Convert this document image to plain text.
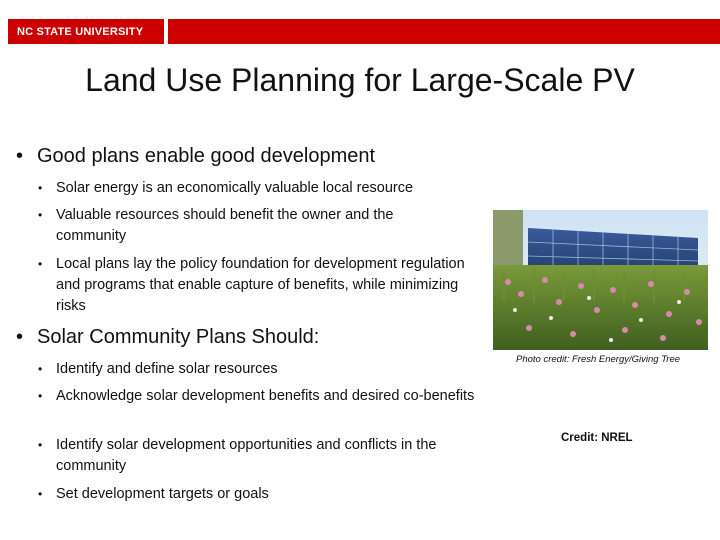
NC STATE UNIVERSITY
Land Use Planning for Large-Scale PV
• Good plans enable good development
• Solar energy is an economically valuable local resource
• Valuable resources should benefit the owner and the community
• Local plans lay the policy foundation for development regulation and programs that enable capture of benefits, while minimizing risks
• Solar Community Plans Should:
• Identify and define solar resources
• Acknowledge solar development benefits and desired co-benefits
• Identify solar development opportunities and conflicts in the community
• Set development targets or goals
Photo credit: Fresh Energy/Giving Tree
Credit: NREL
